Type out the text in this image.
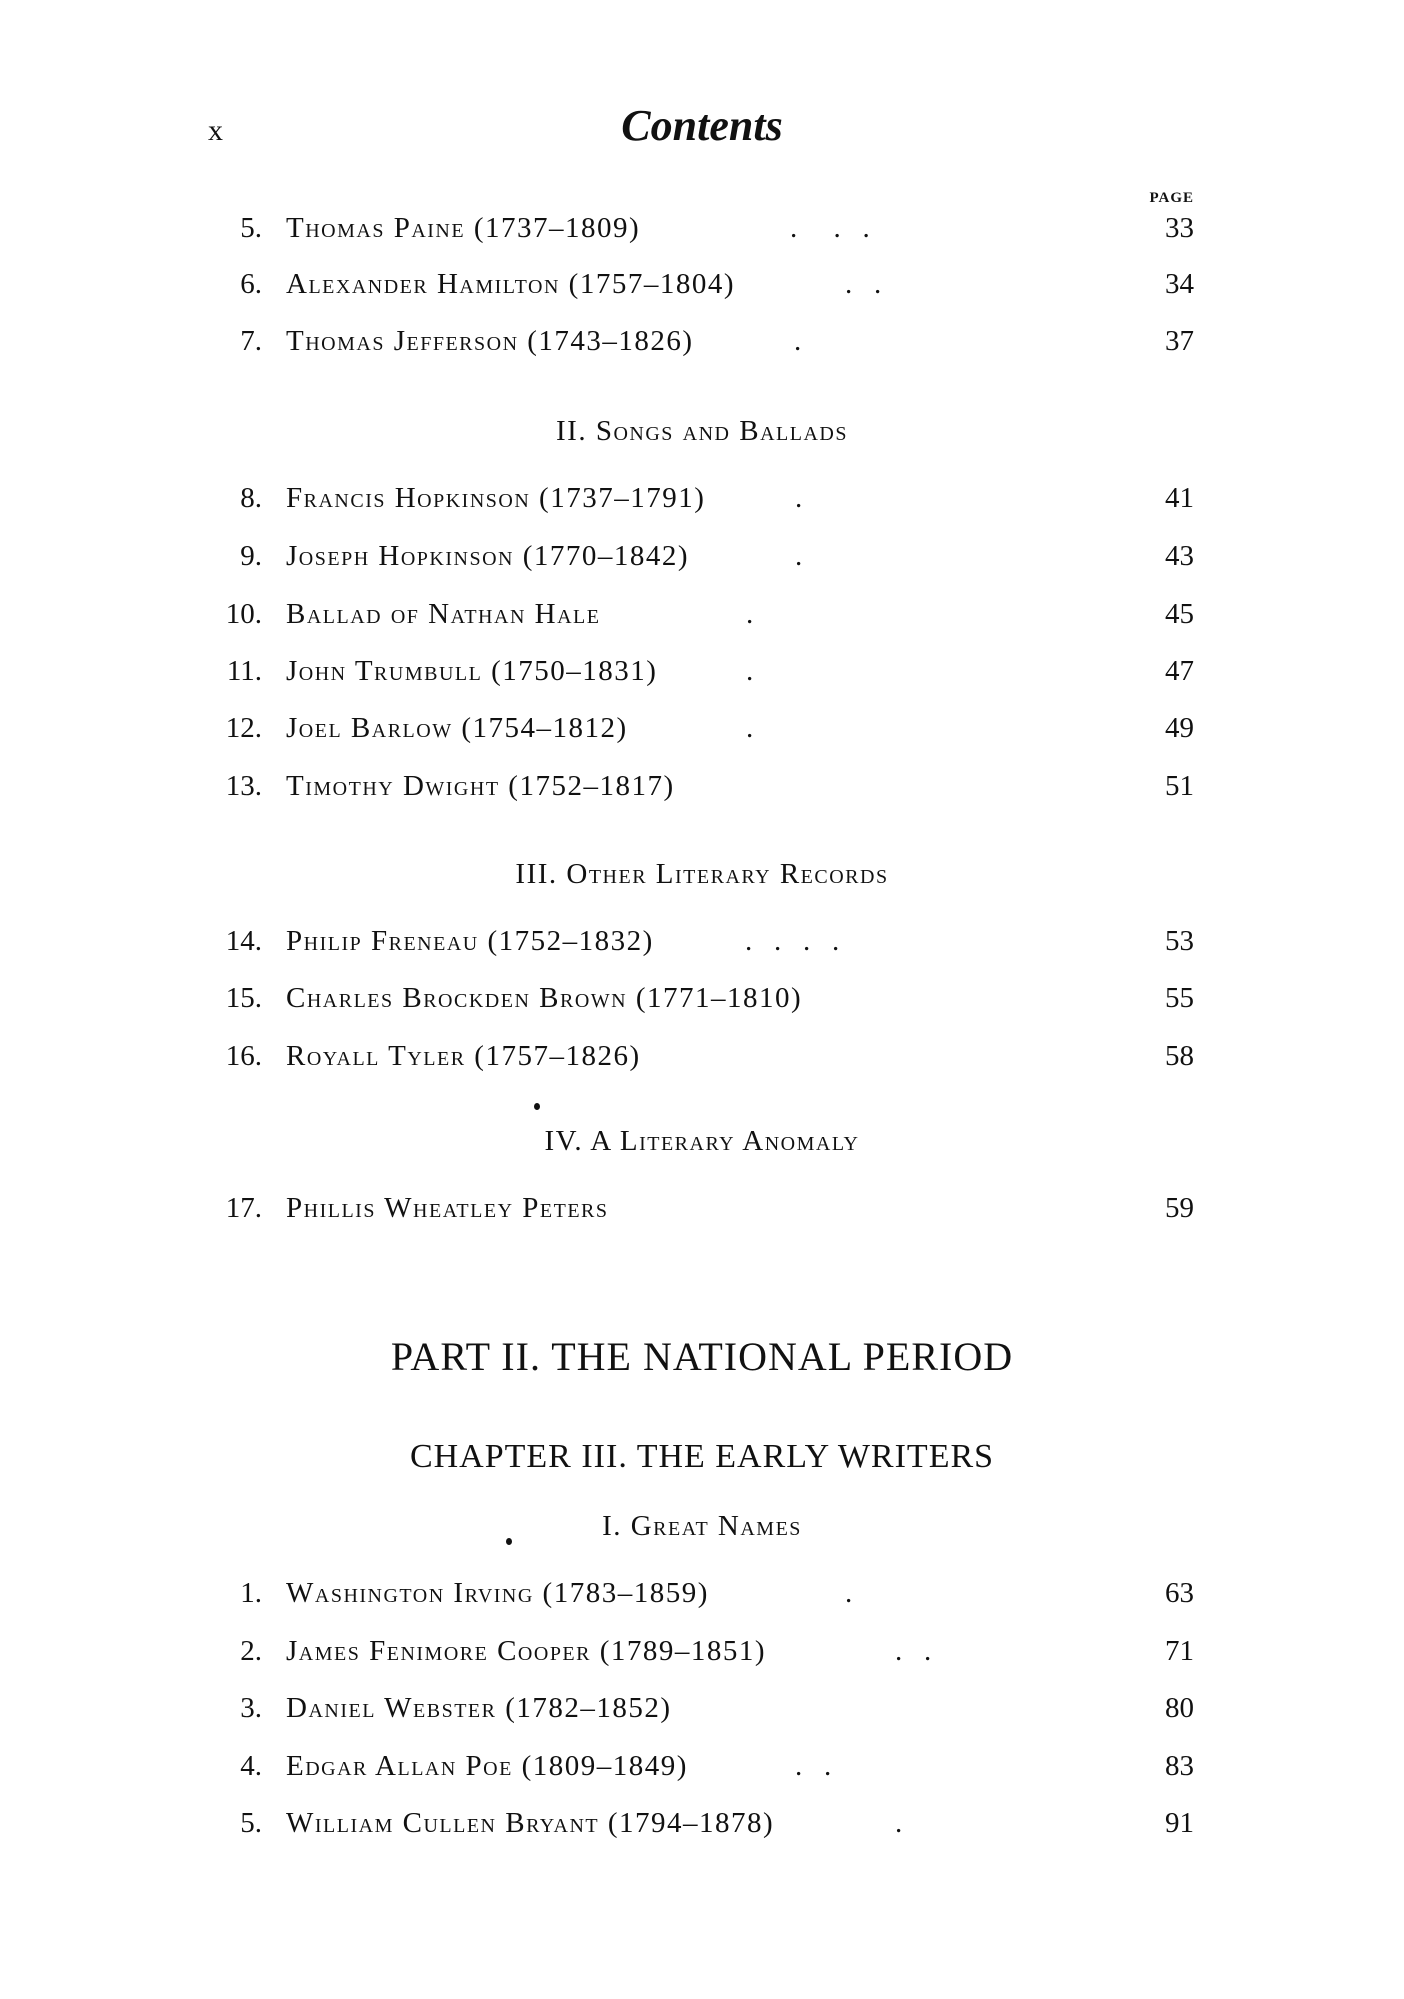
x	Contents
PAGE
5. Thomas Paine (1737–1809)	.     .   .	33
6. Alexander Hamilton (1757–1804)	.   .	34
7. Thomas Jefferson (1743–1826)	.	37
II. Songs and Ballads
8. Francis Hopkinson (1737–1791)	.	41
9. Joseph Hopkinson (1770–1842)	.	43
10. Ballad of Nathan Hale	.	45
11. John Trumbull (1750–1831)	.	47
12. Joel Barlow (1754–1812)	.	49
13. Timothy Dwight (1752–1817)	51
III. Other Literary Records
14. Philip Freneau (1752–1832)	.   .   .   .	53
15. Charles Brockden Brown (1771–1810)	55
16. Royall Tyler (1757–1826)	58
IV. A Literary Anomaly
17. Phillis Wheatley Peters	59
PART II. THE NATIONAL PERIOD
CHAPTER III. THE EARLY WRITERS
I. Great Names
1. Washington Irving (1783–1859)	.	63
2. James Fenimore Cooper (1789–1851)	.   .	71
3. Daniel Webster (1782–1852)	80
4. Edgar Allan Poe (1809–1849)	.   .	83
5. William Cullen Bryant (1794–1878)	.	91
